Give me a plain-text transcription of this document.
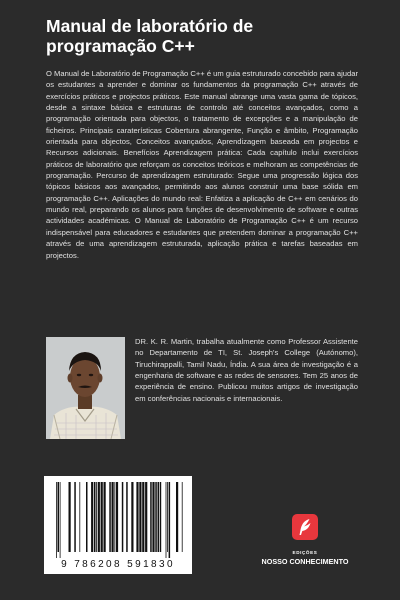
Manual de laboratório de programação C++

O Manual de Laboratório de Programação C++ é um guia estruturado concebido para ajudar os estudantes a aprender e dominar os fundamentos da programação C++ através de exercícios práticos e projectos práticos. Este manual abrange uma vasta gama de tópicos, desde a sintaxe básica e estruturas de controlo até conceitos avançados, como a programação orientada para objectos, o tratamento de excepções e a manipulação de ficheiros. Principais caraterísticas Cobertura abrangente, Função e âmbito, Programação orientada para objectos, Conceitos avançados, Aprendizagem baseada em projectos e Recursos adicionais. Benefícios Aprendizagem prática: Cada capítulo inclui exercícios práticos de laboratório que reforçam os conceitos teóricos e melhoram as competências de programação. Percurso de aprendizagem estruturado: Segue uma progressão lógica dos tópicos básicos aos avançados, permitindo aos alunos construir uma base sólida em programação C++. Aplicações do mundo real: Enfatiza a aplicação de C++ em cenários do mundo real, preparando os alunos para funções de desenvolvimento de software e outras actividades académicas. O Manual de Laboratório de Programação C++ é um recurso indispensável para educadores e estudantes que pretendem dominar a programação C++ através de uma aprendizagem estruturada, aplicação prática e tarefas baseadas em projectos.

DR. K. R. Martin, trabalha atualmente como Professor Assistente no Departamento de TI, St. Joseph's College (Autónomo), Tiruchirappalli, Tamil Nadu, Índia. A sua área de investigação é a engenharia de software e as redes de sensores. Tem 25 anos de experiência de ensino. Publicou muitos artigos de investigação em conferências nacionais e internacionais.

9 786208 591830
EDIÇÕES
NOSSO CONHECIMENTO
